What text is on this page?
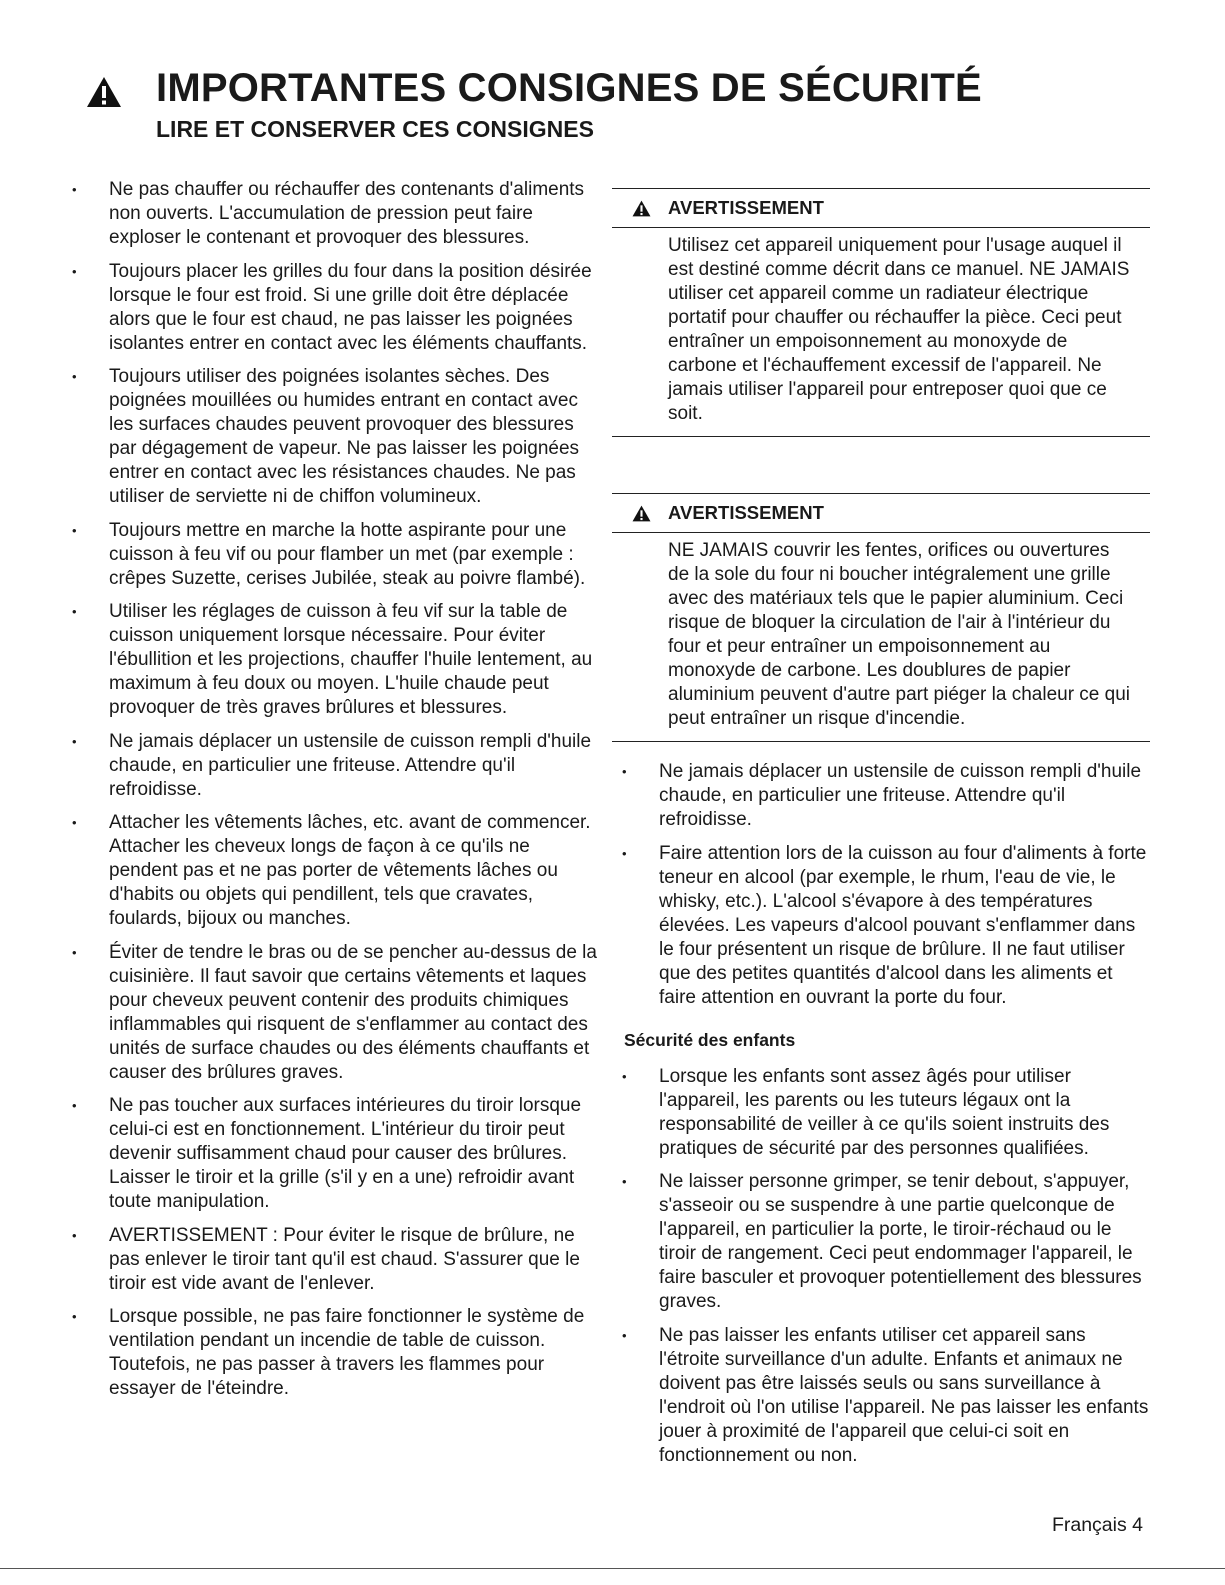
IMPORTANTES CONSIGNES DE SÉCURITÉ
LIRE ET CONSERVER CES CONSIGNES
• Ne pas chauffer ou réchauffer des contenants d'aliments non ouverts. L'accumulation de pression peut faire exploser le contenant et provoquer des blessures.
• Toujours placer les grilles du four dans la position désirée lorsque le four est froid. Si une grille doit être déplacée alors que le four est chaud, ne pas laisser les poignées isolantes entrer en contact avec les éléments chauffants.
• Toujours utiliser des poignées isolantes sèches. Des poignées mouillées ou humides entrant en contact avec les surfaces chaudes peuvent provoquer des blessures par dégagement de vapeur. Ne pas laisser les poignées entrer en contact avec les résistances chaudes. Ne pas utiliser de serviette ni de chiffon volumineux.
• Toujours mettre en marche la hotte aspirante pour une cuisson à feu vif ou pour flamber un met (par exemple : crêpes Suzette, cerises Jubilée, steak au poivre flambé).
• Utiliser les réglages de cuisson à feu vif sur la table de cuisson uniquement lorsque nécessaire. Pour éviter l'ébullition et les projections, chauffer l'huile lentement, au maximum à feu doux ou moyen. L'huile chaude peut provoquer de très graves brûlures et blessures.
• Ne jamais déplacer un ustensile de cuisson rempli d'huile chaude, en particulier une friteuse. Attendre qu'il refroidisse.
• Attacher les vêtements lâches, etc. avant de commencer. Attacher les cheveux longs de façon à ce qu'ils ne pendent pas et ne pas porter de vêtements lâches ou d'habits ou objets qui pendillent, tels que cravates, foulards, bijoux ou manches.
• Éviter de tendre le bras ou de se pencher au-dessus de la cuisinière. Il faut savoir que certains vêtements et laques pour cheveux peuvent contenir des produits chimiques inflammables qui risquent de s'enflammer au contact des unités de surface chaudes ou des éléments chauffants et causer des brûlures graves.
• Ne pas toucher aux surfaces intérieures du tiroir lorsque celui-ci est en fonctionnement. L'intérieur du tiroir peut devenir suffisamment chaud pour causer des brûlures. Laisser le tiroir et la grille (s'il y en a une) refroidir avant toute manipulation.
• AVERTISSEMENT : Pour éviter le risque de brûlure, ne pas enlever le tiroir tant qu'il est chaud. S'assurer que le tiroir est vide avant de l'enlever.
• Lorsque possible, ne pas faire fonctionner le système de ventilation pendant un incendie de table de cuisson. Toutefois, ne pas passer à travers les flammes pour essayer de l'éteindre.
AVERTISSEMENT
Utilisez cet appareil uniquement pour l'usage auquel il est destiné comme décrit dans ce manuel. NE JAMAIS utiliser cet appareil comme un radiateur électrique portatif pour chauffer ou réchauffer la pièce. Ceci peut entraîner un empoisonnement au monoxyde de carbone et l'échauffement excessif de l'appareil. Ne jamais utiliser l'appareil pour entreposer quoi que ce soit.
AVERTISSEMENT
NE JAMAIS couvrir les fentes, orifices ou ouvertures de la sole du four ni boucher intégralement une grille avec des matériaux tels que le papier aluminium. Ceci risque de bloquer la circulation de l'air à l'intérieur du four et peur entraîner un empoisonnement au monoxyde de carbone. Les doublures de papier aluminium peuvent d'autre part piéger la chaleur ce qui peut entraîner un risque d'incendie.
• Ne jamais déplacer un ustensile de cuisson rempli d'huile chaude, en particulier une friteuse. Attendre qu'il refroidisse.
• Faire attention lors de la cuisson au four d'aliments à forte teneur en alcool (par exemple, le rhum, l'eau de vie, le whisky, etc.). L'alcool s'évapore à des températures élevées. Les vapeurs d'alcool pouvant s'enflammer dans le four présentent un risque de brûlure. Il ne faut utiliser que des petites quantités d'alcool dans les aliments et faire attention en ouvrant la porte du four.
Sécurité des enfants
• Lorsque les enfants sont assez âgés pour utiliser l'appareil, les parents ou les tuteurs légaux ont la responsabilité de veiller à ce qu'ils soient instruits des pratiques de sécurité par des personnes qualifiées.
• Ne laisser personne grimper, se tenir debout, s'appuyer, s'asseoir ou se suspendre à une partie quelconque de l'appareil, en particulier la porte, le tiroir-réchaud ou le tiroir de rangement. Ceci peut endommager l'appareil, le faire basculer et provoquer potentiellement des blessures graves.
• Ne pas laisser les enfants utiliser cet appareil sans l'étroite surveillance d'un adulte. Enfants et animaux ne doivent pas être laissés seuls ou sans surveillance à l'endroit où l'on utilise l'appareil. Ne pas laisser les enfants jouer à proximité de l'appareil que celui-ci soit en fonctionnement ou non.
Français 4
